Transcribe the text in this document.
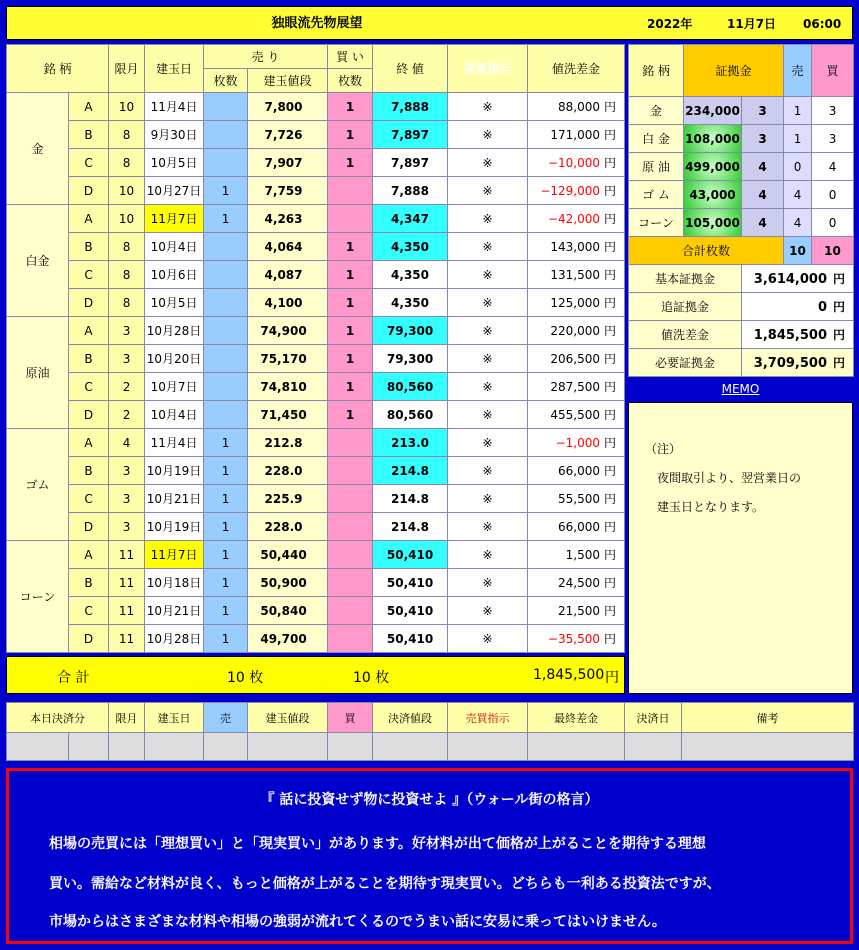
独眼流先物展望	2022年	11月7日 06:00
銘 柄		限月	建玉日	売 り		買 い	終 値	売買指示	値洗差金
				枚数	建玉値段	枚数			
金	A	10	11月4日		7,800	1	7,888	※	88,000 円
	B	8	9月30日		7,726	1	7,897	※	171,000 円
	C	8	10月5日		7,907	1	7,897	※	−10,000 円
	D	10	10月27日	1	7,759		7,888	※	−129,000 円
白金	A	10	11月7日	1	4,263		4,347	※	−42,000 円
	B	8	10月4日		4,064	1	4,350	※	143,000 円
	C	8	10月6日		4,087	1	4,350	※	131,500 円
	D	8	10月5日		4,100	1	4,350	※	125,000 円
原油	A	3	10月28日		74,900	1	79,300	※	220,000 円
	B	3	10月20日		75,170	1	79,300	※	206,500 円
	C	2	10月7日		74,810	1	80,560	※	287,500 円
	D	2	10月4日		71,450	1	80,560	※	455,500 円
ゴム	A	4	11月4日	1	212.8		213.0	※	−1,000 円
	B	3	10月19日	1	228.0		214.8	※	66,000 円
	C	3	10月21日	1	225.9		214.8	※	55,500 円
	D	3	10月19日	1	228.0		214.8	※	66,000 円
コーン	A	11	11月7日	1	50,440		50,410	※	1,500 円
	B	11	10月18日	1	50,900		50,410	※	24,500 円
	C	11	10月21日	1	50,840		50,410	※	21,500 円
	D	11	10月28日	1	49,700		50,410	※	−35,500 円
合 計	10 枚	10 枚	1,845,500 円
銘 柄	証拠金		売	買
金	234,000	3	1	3
白 金	108,000	3	1	3
原 油	499,000	4	0	4
ゴ ム	43,000	4	4	0
コーン	105,000	4	4	0
合計枚数			10	10
基本証拠金		3,614,000 円		
追証拠金		0 円		
値洗差金		1,845,500 円		
必要証拠金		3,709,500 円		
MEMO
（注）
　夜間取引より、翌営業日の
　建玉日となります。
本日決済分		限月	建玉日	売	建玉値段	買	決済値段	売買指示	最終差金	決済日	備考

『 話に投資せず物に投資せよ 』（ウォール街の格言）
相場の売買には「理想買い」と「現実買い」があります。好材料が出て価格が上がることを期待する理想
買い。需給など材料が良く、もっと価格が上がることを期待す現実買い。どちらも一利ある投資法ですが、
市場からはさまざまな材料や相場の強弱が流れてくるのでうまい話に安易に乗ってはいけません。
